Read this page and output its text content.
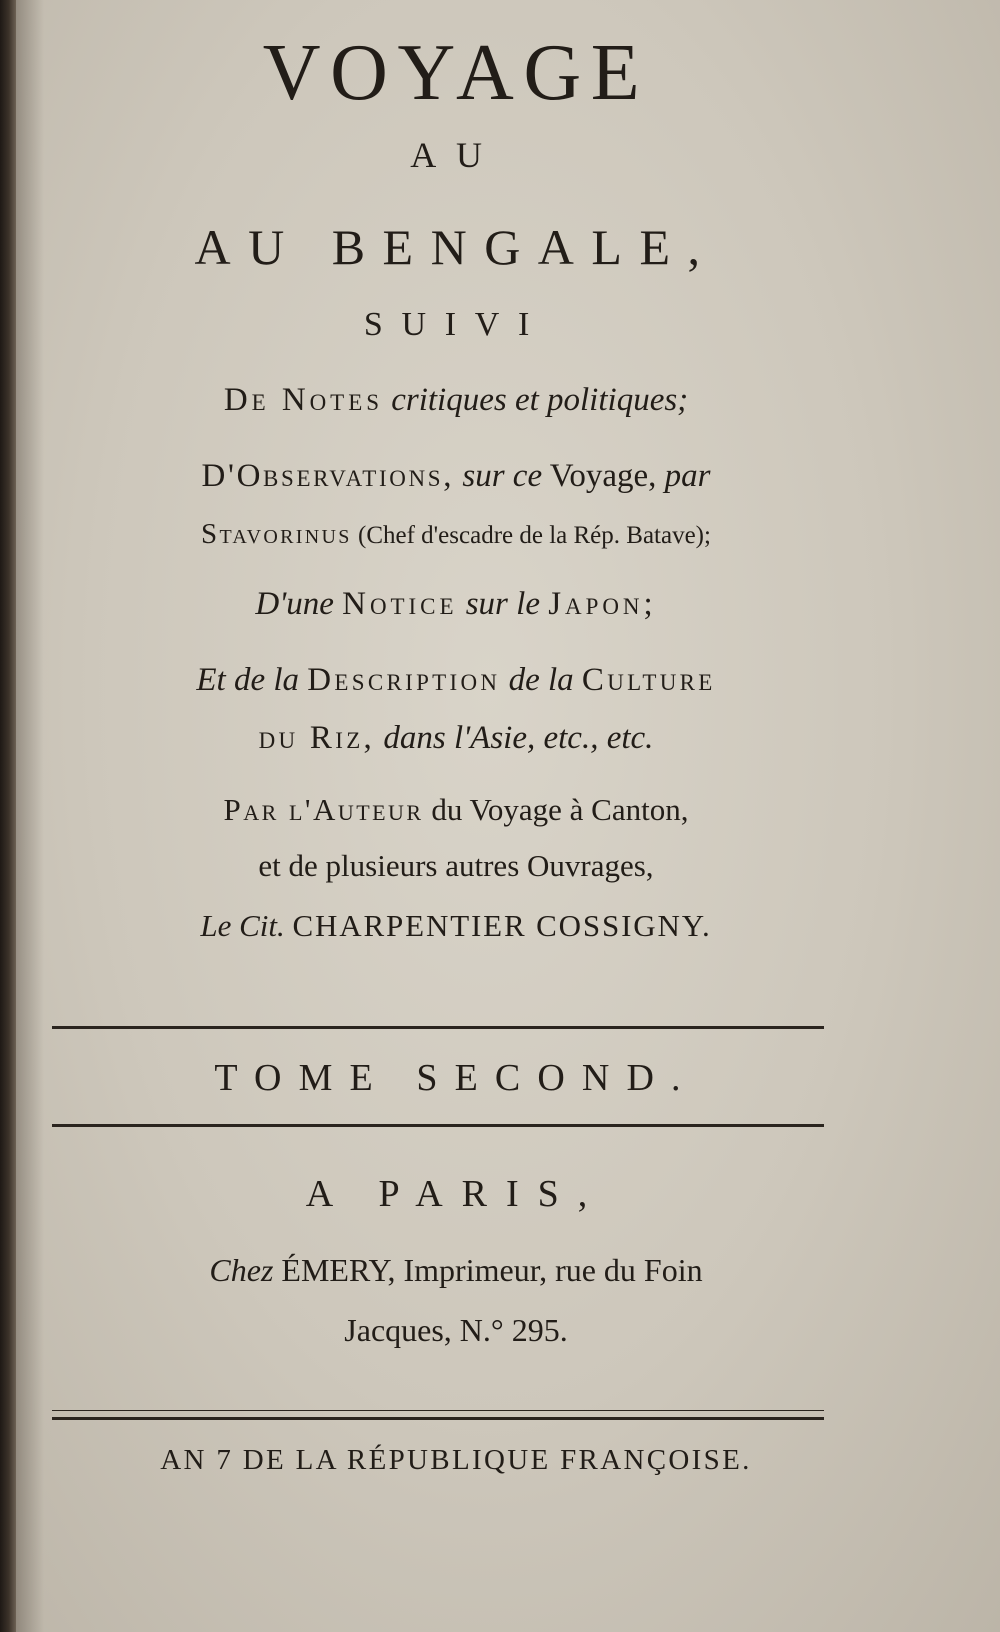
VOYAGE
AU
AU BENGALE,
SUIVI
De Notes critiques et politiques;
D'Observations, sur ce Voyage, par
Stavorinus (Chef d'escadre de la Rép. Batave);
D'une Notice sur le Japon;
Et de la Description de la Culture
du Riz, dans l'Asie, etc., etc.
Par l'Auteur du Voyage à Canton,
et de plusieurs autres Ouvrages,
Le Cit. CHARPENTIER COSSIGNY.
TOME SECOND.
A PARIS,
Chez ÉMERY, Imprimeur, rue du Foin
Jacques, N.° 295.
AN 7 DE LA RÉPUBLIQUE FRANÇOISE.
